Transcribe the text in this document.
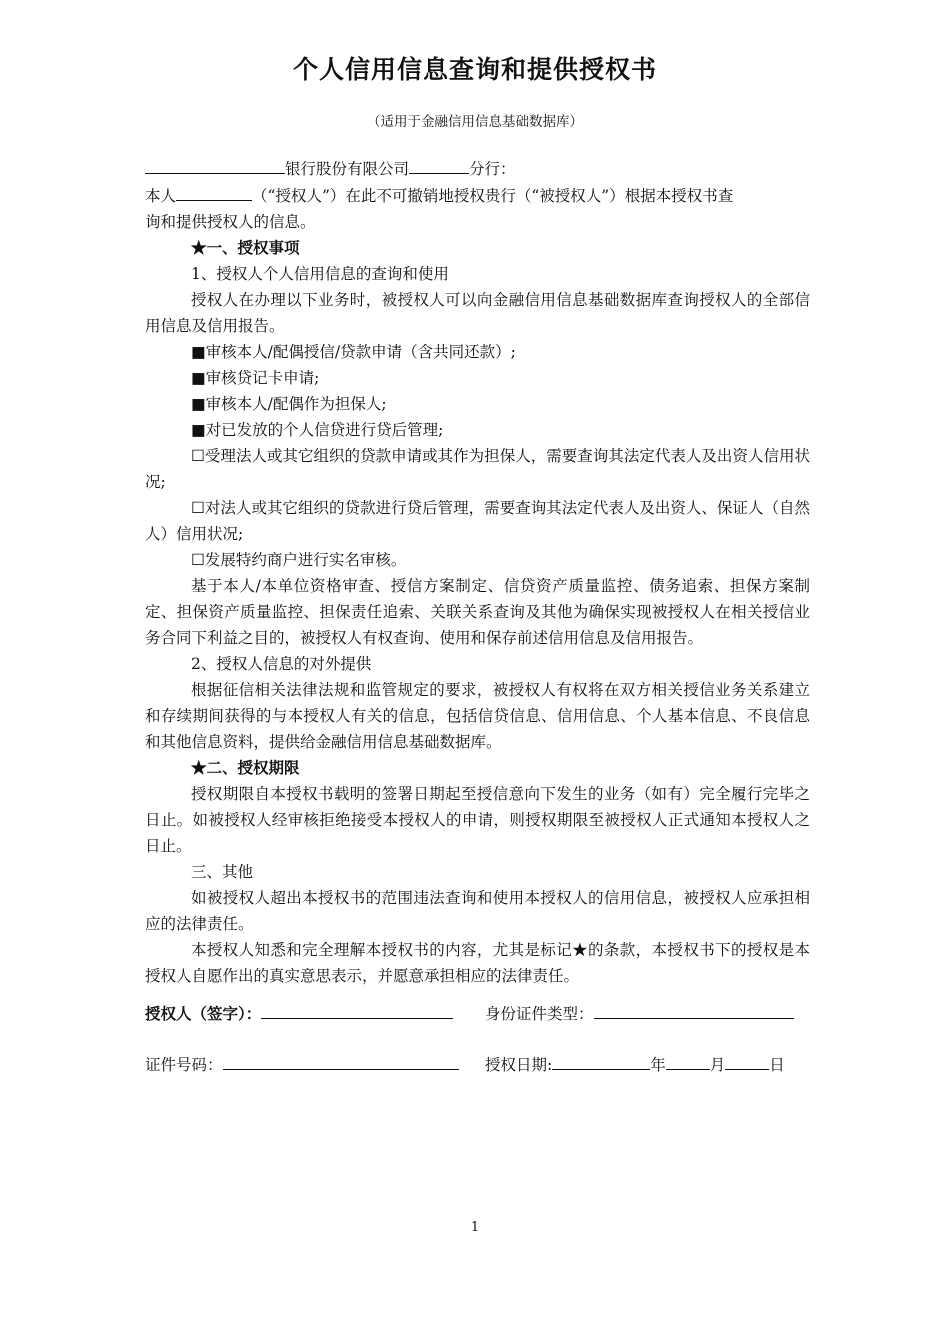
个人信用信息查询和提供授权书
（适用于金融信用信息基础数据库）

银行股份有限公司	分行：

本人	（“授权人”）在此不可撤销地授权贵行（“被授权人”）根据本授权书查

询和提供授权人的信息。

★一、授权事项

1、授权人个人信用信息的查询和使用

授权人在办理以下业务时，被授权人可以向金融信用信息基础数据库查询授权人的全部信用信息及信用报告。

■审核本人/配偶授信/贷款申请（含共同还款）;

■审核贷记卡申请;

■审核本人/配偶作为担保人;

■对已发放的个人信贷进行贷后管理;

☐受理法人或其它组织的贷款申请或其作为担保人，需要查询其法定代表人及出资人信用状况;

☐对法人或其它组织的贷款进行贷后管理，需要查询其法定代表人及出资人、保证人（自然人）信用状况;

☐发展特约商户进行实名审核。

基于本人/本单位资格审查、授信方案制定、信贷资产质量监控、债务追索、担保方案制定、担保资产质量监控、担保责任追索、关联关系查询及其他为确保实现被授权人在相关授信业务合同下利益之目的，被授权人有权查询、使用和保存前述信用信息及信用报告。

2、授权人信息的对外提供

根据征信相关法律法规和监管规定的要求，被授权人有权将在双方相关授信业务关系建立和存续期间获得的与本授权人有关的信息，包括信贷信息、信用信息、个人基本信息、不良信息和其他信息资料，提供给金融信用信息基础数据库。

★二、授权期限

授权期限自本授权书载明的签署日期起至授信意向下发生的业务（如有）完全履行完毕之日止。如被授权人经审核拒绝接受本授权人的申请，则授权期限至被授权人正式通知本授权人之日止。

三、其他

如被授权人超出本授权书的范围违法查询和使用本授权人的信用信息，被授权人应承担相应的法律责任。

本授权人知悉和完全理解本授权书的内容，尤其是标记★的条款，本授权书下的授权是本授权人自愿作出的真实意思表示，并愿意承担相应的法律责任。

授权人（签字）：	身份证件类型：
证件号码：	授权日期:	年	月	日
1
